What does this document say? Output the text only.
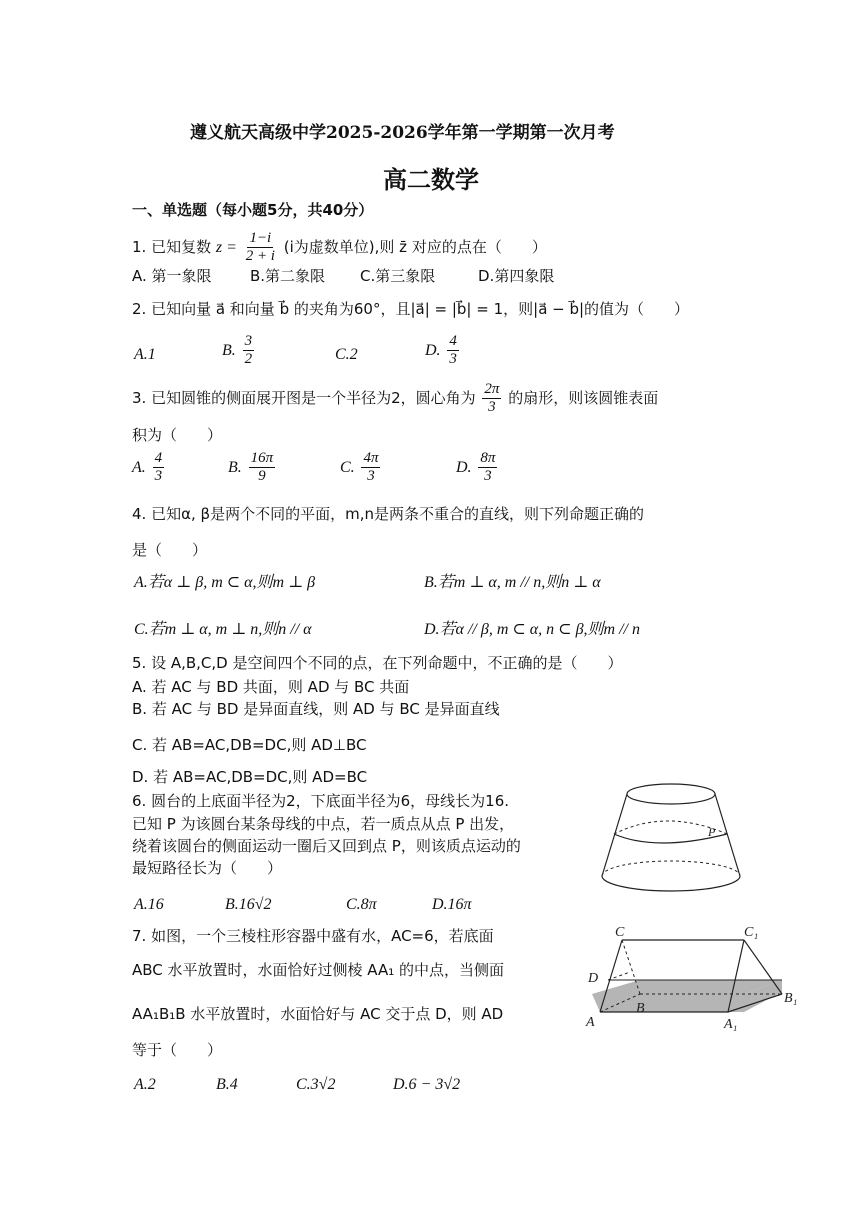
遵义航天高级中学2025-2026学年第一学期第一次月考
高二数学
一、单选题（每小题5分，共40分）
1. 已知复数 $z = \frac{1-i}{2 + i} (i$为虚数单位),则 z̄ 对应的点在（　　）
A. 第一象限	B.第二象限 C.第三象限	D.第四象限
2. 已知向量 a⃗ 和向量 b⃗ 的夹角为60°，且|a⃗| = |b⃗| = 1，则|a⃗ − b⃗|的值为（　　）
A.1	B. $\frac{3}{2}$	C.2	D. $\frac{4}{3}$
3. 已知圆锥的侧面展开图是一个半径为2，圆心角为 $\frac{2\pi}{3}$ 的扇形，则该圆锥表面
积为（　　）
A. $\frac{4}{3}$	B. $\frac{16\pi}{9}$	C. $\frac{4\pi}{3}$	D. $\frac{8\pi}{3}$
4. 已知α, β是两个不同的平面，m,n是两条不重合的直线，则下列命题正确的
是（　　）
A.若α ⊥ β, m ⊂ α,则m ⊥ β	B.若m ⊥ α, m // n,则n ⊥ α
C.若m ⊥ α, m ⊥ n,则n // α	D.若α // β, m ⊂ α, n ⊂ β,则m // n
5. 设 A,B,C,D 是空间四个不同的点，在下列命题中，不正确的是（　　）
A. 若 AC 与 BD 共面，则 AD 与 BC 共面
B. 若 AC 与 BD 是异面直线，则 AD 与 BC 是异面直线
C. 若 AB=AC,DB=DC,则 AD⊥BC
D. 若 AB=AC,DB=DC,则 AD=BC
6. 圆台的上底面半径为2，下底面半径为6，母线长为16.
已知 P 为该圆台某条母线的中点，若一质点从点 P 出发，
绕着该圆台的侧面运动一圈后又回到点 P，则该质点运动的
最短路径长为（　　）
A.16	B.16√2	C.8π	D.16π
P
7. 如图，一个三棱柱形容器中盛有水，AC=6，若底面
ABC 水平放置时，水面恰好过侧棱 AA₁ 的中点，当侧面
AA₁B₁B 水平放置时，水面恰好与 AC 交于点 D，则 AD
等于（　　）
A.2	B.4	C.3√2	D.6 − 3√2
C	C₁
D
B
B₁
A	A₁
